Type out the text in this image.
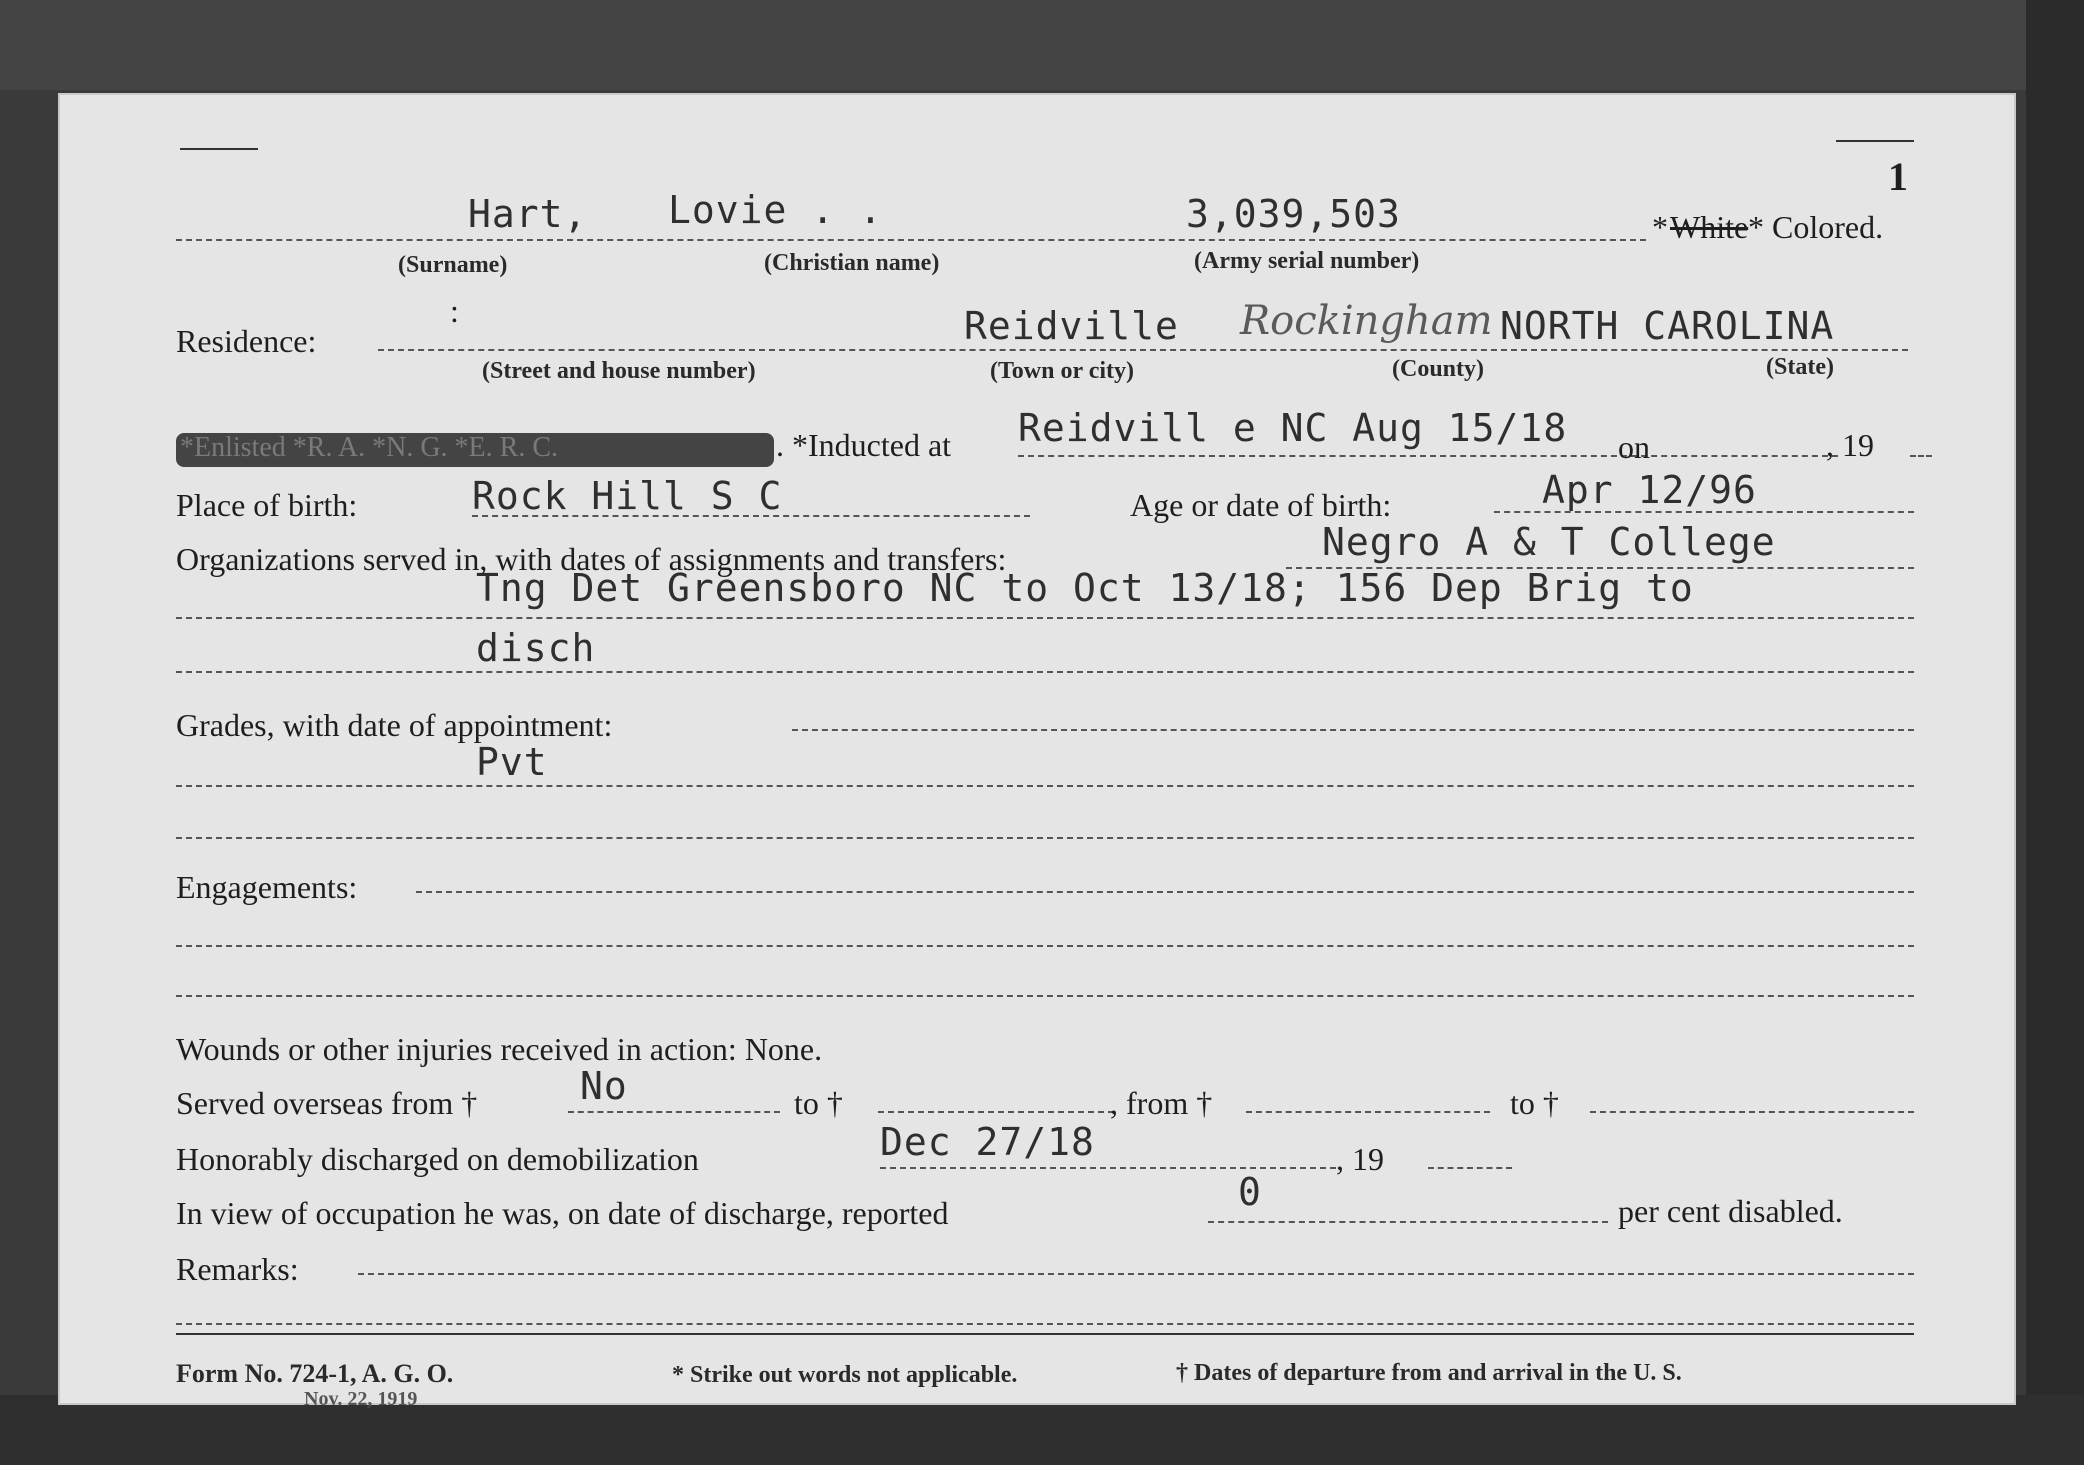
1
Hart, Lovie . .	3,039,503	* White * Colored.
(Surname)	(Christian name)	(Army serial number)
Residence:
:	Reidville Rockingham NORTH CAROLINA
(Street and house number)	(Town or city)	(County)	(State)
*Enlisted *R. A. *N. G. *E. R. C.	. *Inducted at Reidvill e NC Aug 15/18 on	, 19
Place of birth:	Rock Hill S C	Age or date of birth:	Apr 12/96
Organizations served in, with dates of assignments and transfers:	Negro A & T College
Tng Det Greensboro NC to Oct 13/18; 156 Dep Brig to
disch
Grades, with date of appointment:
Pvt
Engagements:
Wounds or other injuries received in action: None.
Served overseas from †	No	to †	, from †	to †
Honorably discharged on demobilization	Dec 27/18	, 19
In view of occupation he was, on date of discharge, reported	0	per cent disabled.
Remarks:
Form No. 724-1, A. G. O.
Nov. 22, 1919
* Strike out words not applicable.	† Dates of departure from and arrival in the U. S.
